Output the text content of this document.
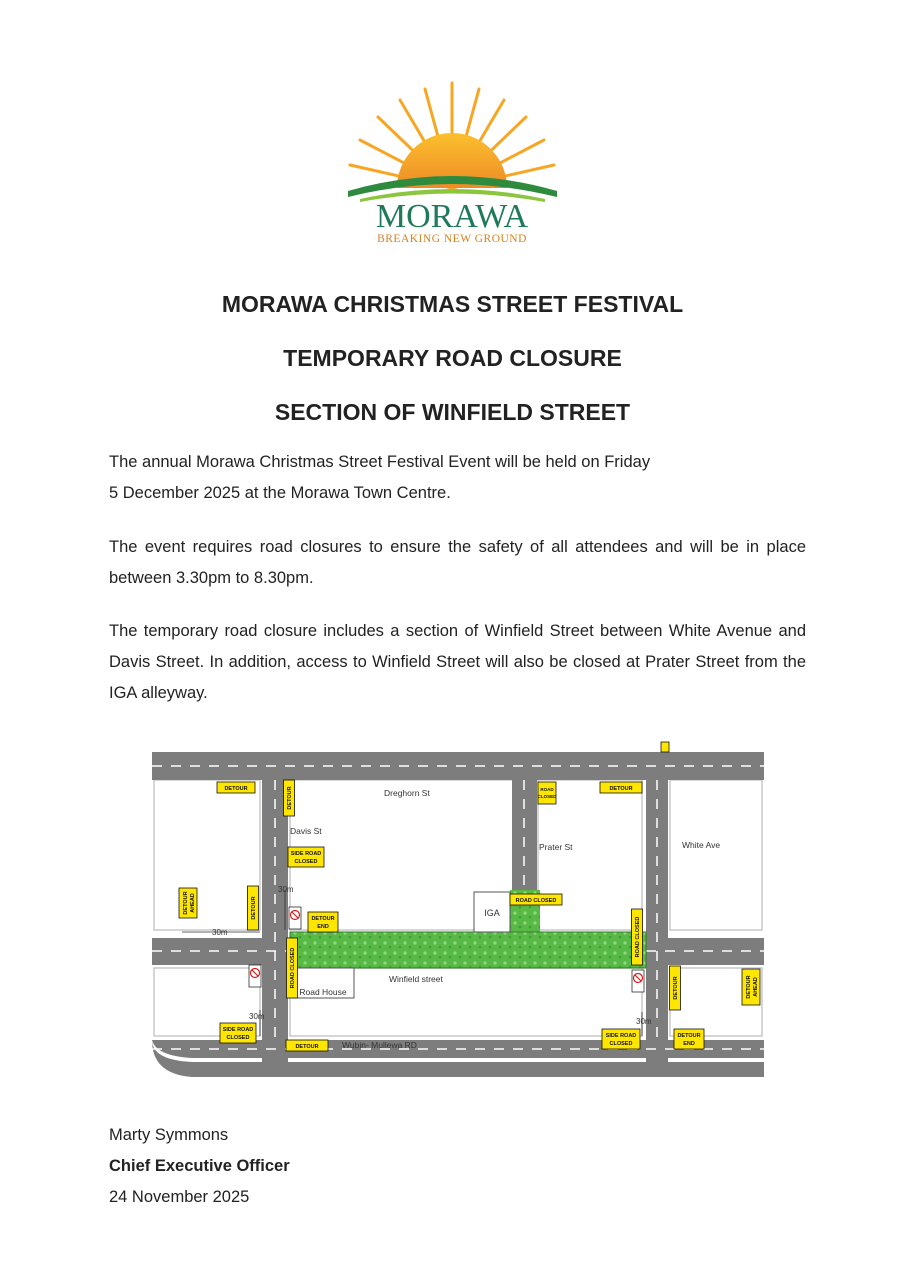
MORAWA
BREAKING NEW GROUND
MORAWA CHRISTMAS STREET FESTIVAL
TEMPORARY ROAD CLOSURE
SECTION OF WINFIELD STREET
The annual Morawa Christmas Street Festival Event will be held on Friday
5 December 2025 at the Morawa Town Centre.

The event requires road closures to ensure the safety of all attendees and will be in place between 3.30pm to 8.30pm.

The temporary road closure includes a section of Winfield Street between White Avenue and Davis Street. In addition, access to Winfield Street will also be closed at Prater Street from the IGA alleyway.

IGA
Road House
Dreghorn St
Davis St
Prater St	White Ave
Winfield street
Wubin- Mullewa RD
30m
30m
30m
30m
DETOUR	DETOUR
DETOUR
ROAD CLOSED
SIDE ROAD
CLOSED
SIDE ROAD
CLOSED	SIDE ROAD
CLOSED
DETOUR
END
DETOUR
END
ROAD
CLOSED
DETOUR AHEAD	DETOUR
DETOUR	DETOUR AHEAD
ROAD CLOSED
ROAD CLOSED
DETOUR

Marty Symmons

Chief Executive Officer

24 November 2025
